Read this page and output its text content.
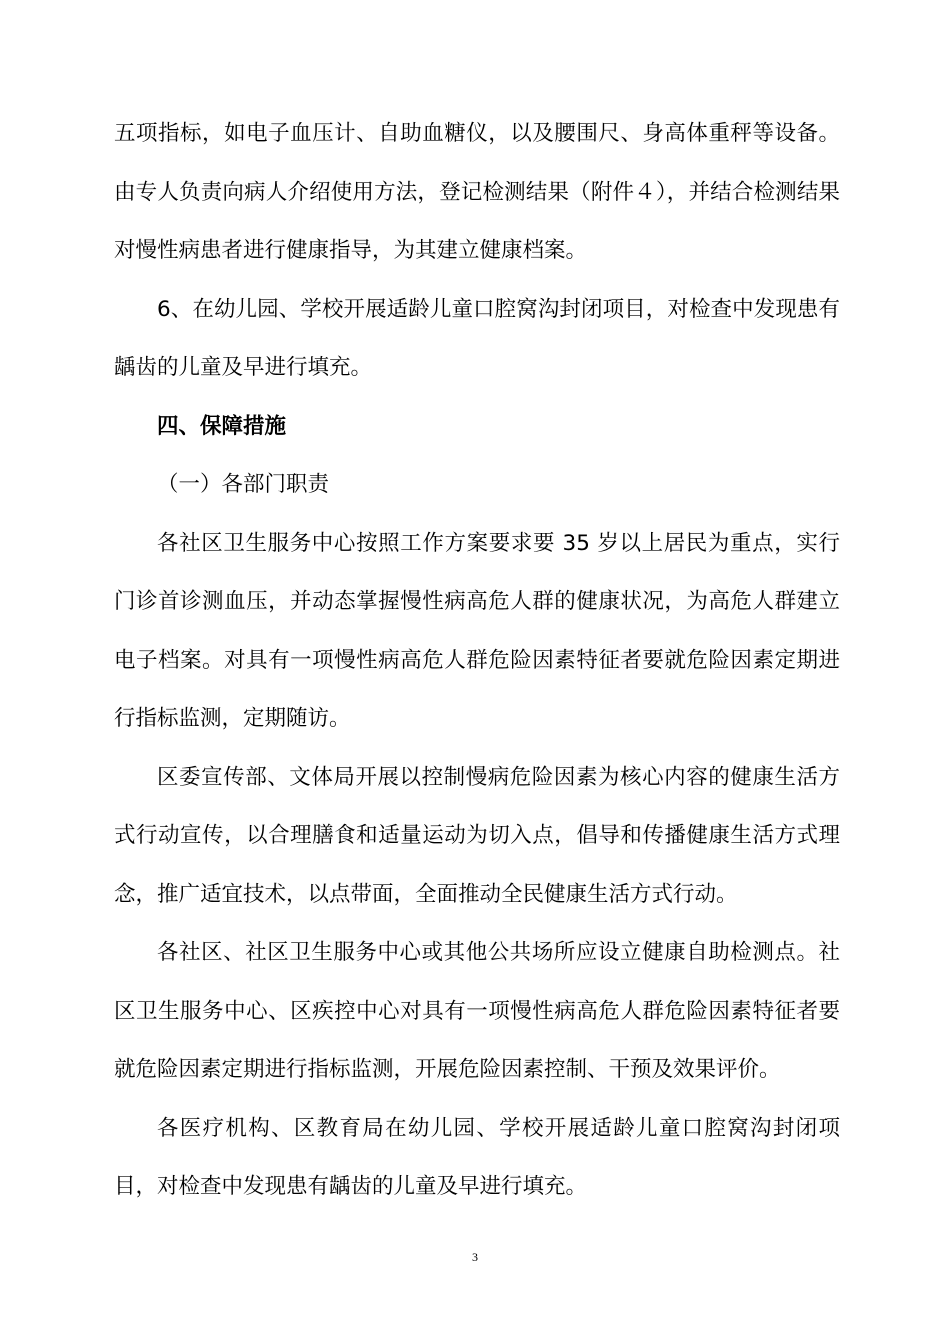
五项指标，如电子血压计、自助血糖仪，以及腰围尺、身高体重秤等设备。由专人负责向病人介绍使用方法，登记检测结果（附件４），并结合检测结果对慢性病患者进行健康指导，为其建立健康档案。

6、在幼儿园、学校开展适龄儿童口腔窝沟封闭项目，对检查中发现患有龋齿的儿童及早进行填充。

四、保障措施

（一）各部门职责

各社区卫生服务中心按照工作方案要求要 35 岁以上居民为重点，实行门诊首诊测血压，并动态掌握慢性病高危人群的健康状况，为高危人群建立电子档案。对具有一项慢性病高危人群危险因素特征者要就危险因素定期进行指标监测，定期随访。

区委宣传部、文体局开展以控制慢病危险因素为核心内容的健康生活方式行动宣传，以合理膳食和适量运动为切入点，倡导和传播健康生活方式理念，推广适宜技术，以点带面，全面推动全民健康生活方式行动。

各社区、社区卫生服务中心或其他公共场所应设立健康自助检测点。社区卫生服务中心、区疾控中心对具有一项慢性病高危人群危险因素特征者要就危险因素定期进行指标监测，开展危险因素控制、干预及效果评价。

各医疗机构、区教育局在幼儿园、学校开展适龄儿童口腔窝沟封闭项目，对检查中发现患有龋齿的儿童及早进行填充。

3
